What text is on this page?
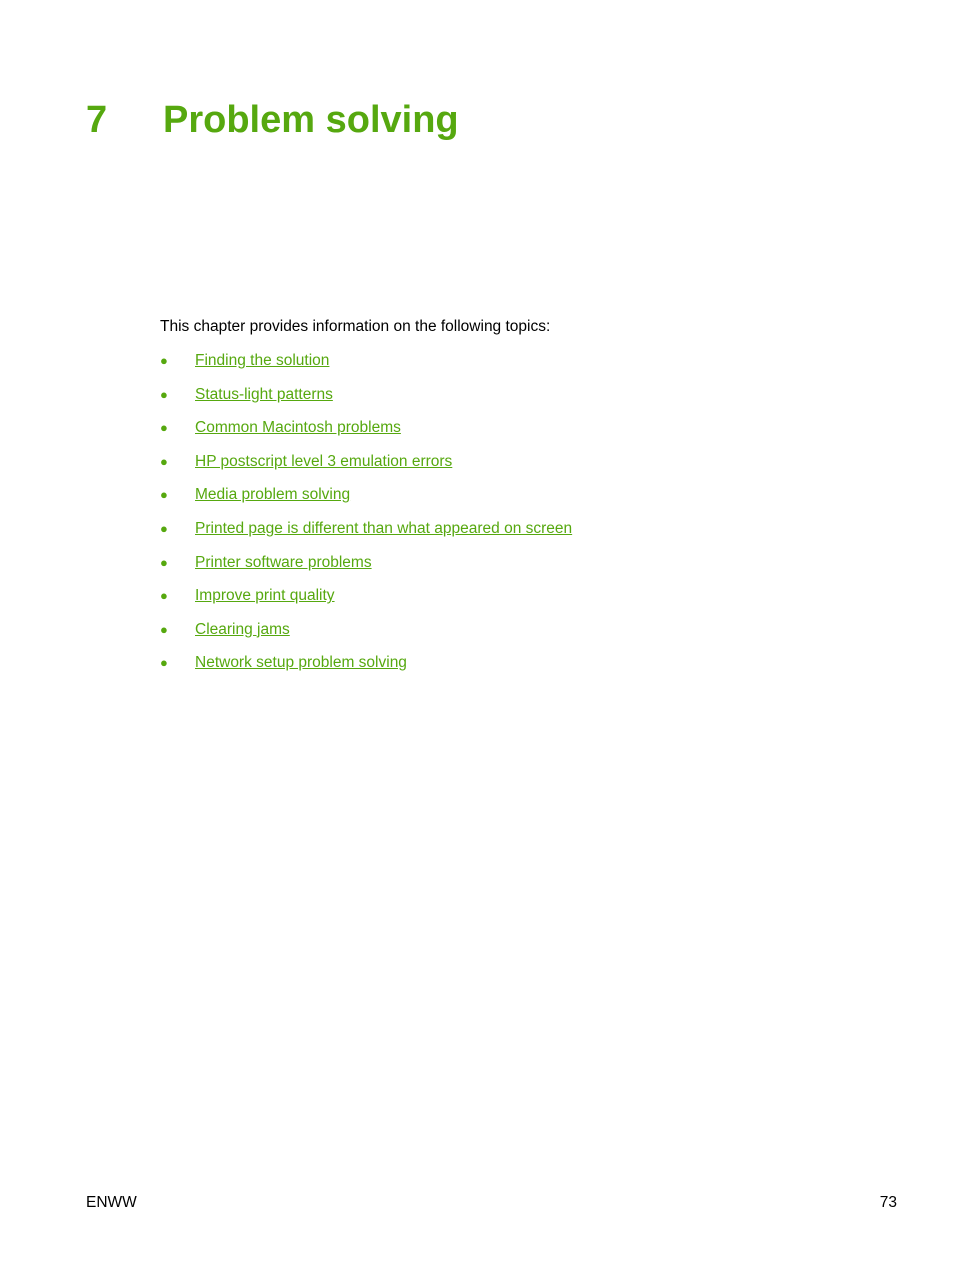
7 Problem solving

This chapter provides information on the following topics:

● Finding the solution
● Status-light patterns
● Common Macintosh problems
● HP postscript level 3 emulation errors
● Media problem solving
● Printed page is different than what appeared on screen
● Printer software problems
● Improve print quality
● Clearing jams
● Network setup problem solving
ENWW	73
